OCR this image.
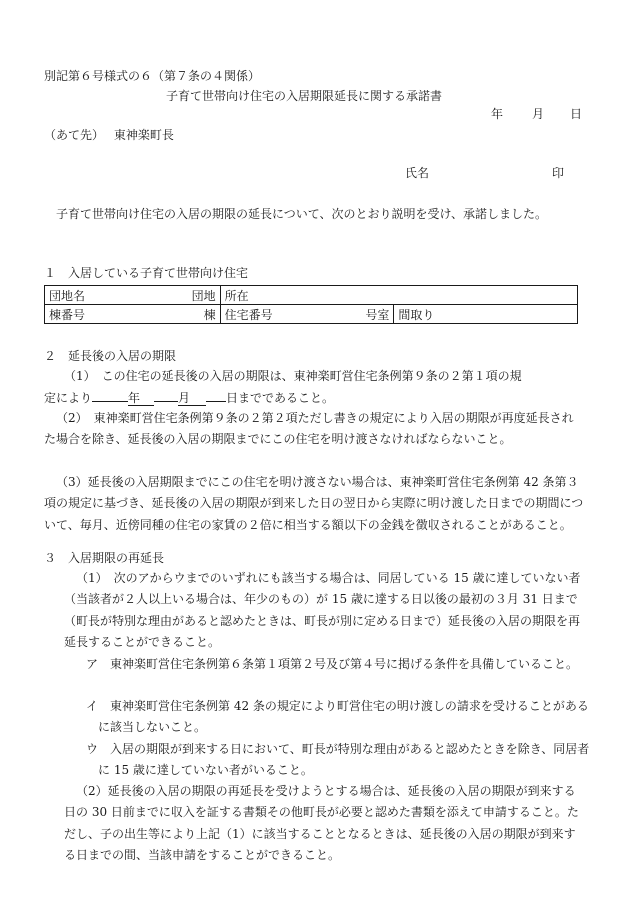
別記第６号様式の６（第７条の４関係）
子育て世帯向け住宅の入居期限延長に関する承諾書
年 月 日
（あて先）　 東神楽町長
氏名	印
子育て世帯向け住宅の入居の期限の延長について、次のとおり説明を受け、承諾しました。
１　入居している子育て世帯向け住宅
団地名 団地	所在	
棟番号 棟	住宅番号 号室	間取り
２　延長後の入居の期限
（1）　この住宅の延長後の入居の期限は、東神楽町営住宅条例第９条の２第１項の規
定により	年	月	日までであること。
（2）　東神楽町営住宅条例第９条の２第２項ただし書きの規定により入居の期限が再度延長された場合を除き、延長後の入居の期限までにこの住宅を明け渡さなければならないこと。
（3）延長後の入居期限までにこの住宅を明け渡さない場合は、東神楽町営住宅条例第 42 条第３項の規定に基づき、延長後の入居の期限が到来した日の翌日から実際に明け渡した日までの期間について、毎月、近傍同種の住宅の家賃の２倍に相当する額以下の金銭を徴収されることがあること。
３　入居期限の再延長
（1）　次のアからウまでのいずれにも該当する場合は、同居している 15 歳に達していない者（当該者が２人以上いる場合は、年少のもの）が 15 歳に達する日以後の最初の３月 31 日まで（町長が特別な理由があると認めたときは、町長が別に定める日まで）延長後の入居の期限を再延長することができること。
ア　東神楽町営住宅条例第６条第１項第２号及び第４号に掲げる条件を具備していること。
イ　東神楽町営住宅条例第 42 条の規定により町営住宅の明け渡しの請求を受けることがあるに該当しないこと。
ウ　入居の期限が到来する日において、町長が特別な理由があると認めたときを除き、同居者に 15 歳に達していない者がいること。
（2）延長後の入居の期限の再延長を受けようとする場合は、延長後の入居の期限が到来する日の 30 日前までに収入を証する書類その他町長が必要と認めた書類を添えて申請すること。ただし、子の出生等により上記（1）に該当することとなるときは、延長後の入居の期限が到来する日までの間、当該申請をすることができること。
